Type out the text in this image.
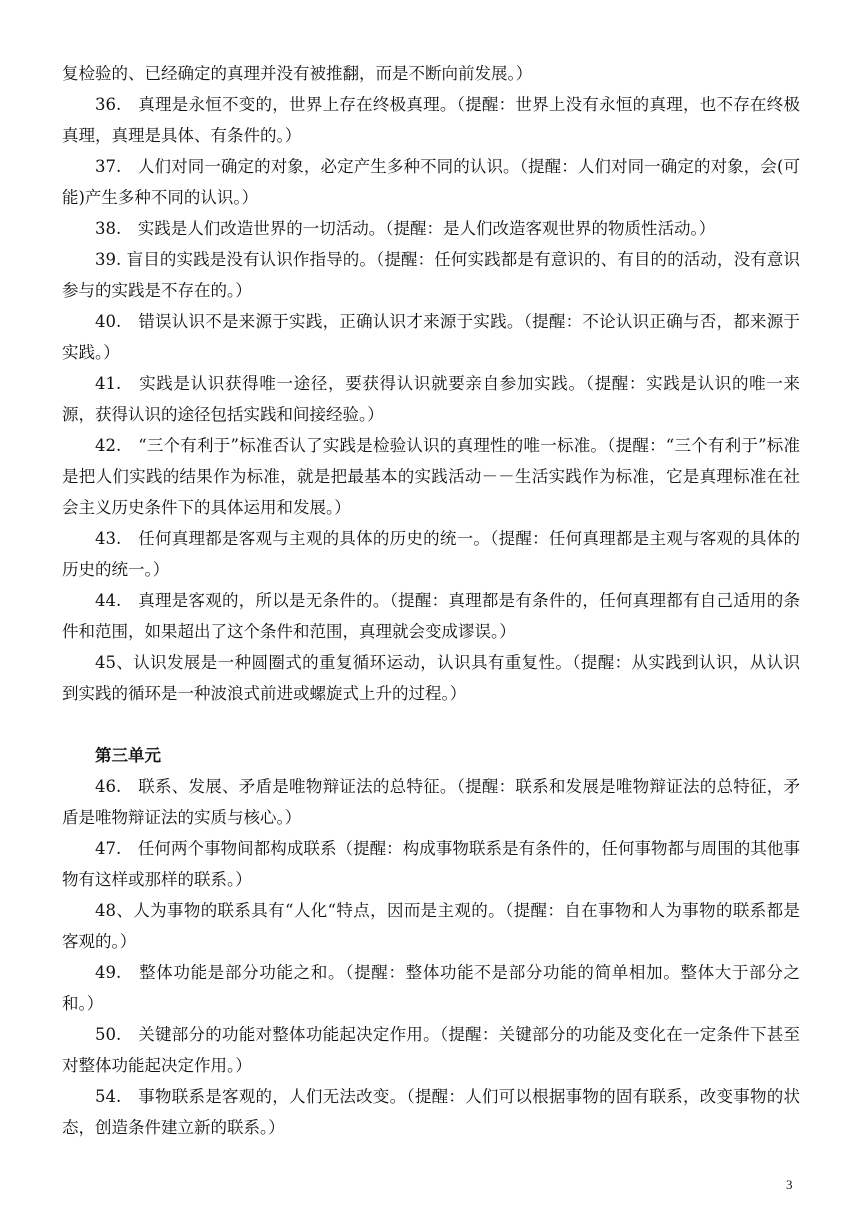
复检验的、已经确定的真理并没有被推翻，而是不断向前发展。）

36.　真理是永恒不变的，世界上存在终极真理。（提醒：世界上没有永恒的真理，也不存在终极真理，真理是具体、有条件的。）

37.　人们对同一确定的对象，必定产生多种不同的认识。（提醒：人们对同一确定的对象，会(可能)产生多种不同的认识。）

38.　实践是人们改造世界的一切活动。（提醒：是人们改造客观世界的物质性活动。）

39. 盲目的实践是没有认识作指导的。（提醒：任何实践都是有意识的、有目的的活动，没有意识参与的实践是不存在的。）

40.　错误认识不是来源于实践，正确认识才来源于实践。（提醒：不论认识正确与否，都来源于实践。）

41.　实践是认识获得唯一途径，要获得认识就要亲自参加实践。（提醒：实践是认识的唯一来源，获得认识的途径包括实践和间接经验。）

42.　“三个有利于”标准否认了实践是检验认识的真理性的唯一标准。（提醒：“三个有利于”标准是把人们实践的结果作为标准，就是把最基本的实践活动－－生活实践作为标准，它是真理标准在社会主义历史条件下的具体运用和发展。）

43.　任何真理都是客观与主观的具体的历史的统一。（提醒：任何真理都是主观与客观的具体的历史的统一。）

44.　真理是客观的，所以是无条件的。（提醒：真理都是有条件的，任何真理都有自己适用的条件和范围，如果超出了这个条件和范围，真理就会变成谬误。）

45、认识发展是一种圆圈式的重复循环运动，认识具有重复性。（提醒：从实践到认识，从认识到实践的循环是一种波浪式前进或螺旋式上升的过程。）

第三单元

46.　联系、发展、矛盾是唯物辩证法的总特征。（提醒：联系和发展是唯物辩证法的总特征，矛盾是唯物辩证法的实质与核心。）

47.　任何两个事物间都构成联系（提醒：构成事物联系是有条件的，任何事物都与周围的其他事物有这样或那样的联系。）

48、人为事物的联系具有“人化“特点，因而是主观的。（提醒：自在事物和人为事物的联系都是客观的。）

49.　整体功能是部分功能之和。（提醒：整体功能不是部分功能的简单相加。整体大于部分之和。）

50.　关键部分的功能对整体功能起决定作用。（提醒：关键部分的功能及变化在一定条件下甚至对整体功能起决定作用。）

54.　事物联系是客观的，人们无法改变。（提醒：人们可以根据事物的固有联系，改变事物的状态，创造条件建立新的联系。）

3
